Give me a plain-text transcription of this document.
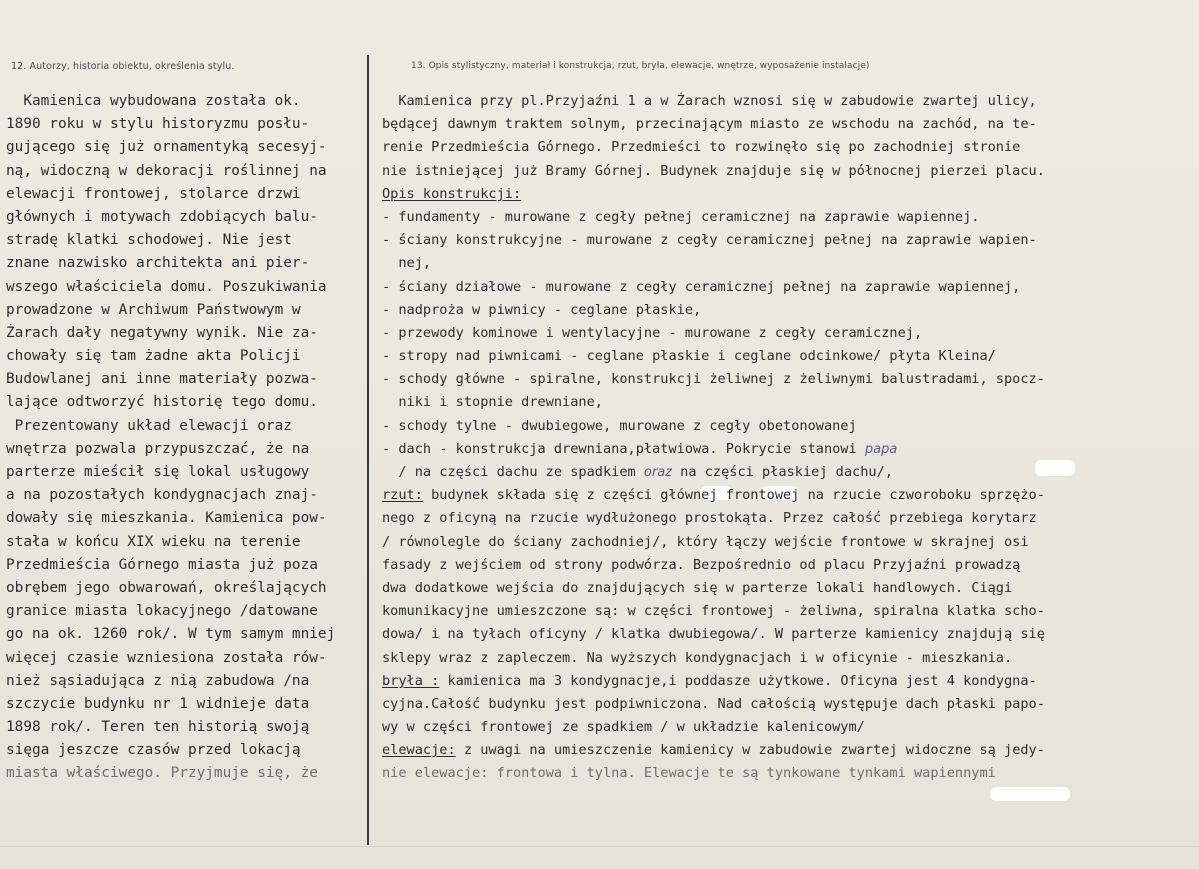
12. Autorzy, historia obiektu, określenia stylu.	13. Opis stylistyczny, materiał i konstrukcja, rzut, bryła, elewacje, wnętrze, wyposażenie instalacje)
Kamienica wybudowana została ok.
1890 roku w stylu historyzmu posłu-
gującego się już ornamentyką secesyj-
ną, widoczną w dekoracji roślinnej na
elewacji frontowej, stolarce drzwi
głównych i motywach zdobiących balu-
stradę klatki schodowej. Nie jest
znane nazwisko architekta ani pier-
wszego właściciela domu. Poszukiwania
prowadzone w Archiwum Państwowym w
Żarach dały negatywny wynik. Nie za-
chowały się tam żadne akta Policji
Budowlanej ani inne materiały pozwa-
lające odtworzyć historię tego domu.
Prezentowany układ elewacji oraz
wnętrza pozwala przypuszczać, że na
parterze mieścił się lokal usługowy
a na pozostałych kondygnacjach znaj-
dowały się mieszkania. Kamienica pow-
stała w końcu XIX wieku na terenie
Przedmieścia Górnego miasta już poza
obrębem jego obwarowań, określających
granice miasta lokacyjnego /datowane
go na ok. 1260 rok/. W tym samym mniej
więcej czasie wzniesiona została rów-
nież sąsiadująca z nią zabudowa /na
szczycie budynku nr 1 widnieje data
1898 rok/. Teren ten historią swoją
sięga jeszcze czasów przed lokacją
miasta właściwego. Przyjmuje się, że
Kamienica przy pl.Przyjaźni 1 a w Żarach wznosi się w zabudowie zwartej ulicy,
będącej dawnym traktem solnym, przecinającym miasto ze wschodu na zachód, na te-
renie Przedmieścia Górnego. Przedmieści to rozwinęło się po zachodniej stronie
nie istniejącej już Bramy Górnej. Budynek znajduje się w północnej pierzei placu.
Opis konstrukcji:
- fundamenty - murowane z cegły pełnej ceramicznej na zaprawie wapiennej.
- ściany konstrukcyjne - murowane z cegły ceramicznej pełnej na zaprawie wapien-
nej,
- ściany działowe - murowane z cegły ceramicznej pełnej na zaprawie wapiennej,
- nadproża w piwnicy - ceglane płaskie,
- przewody kominowe i wentylacyjne - murowane z cegły ceramicznej,
- stropy nad piwnicami - ceglane płaskie i ceglane odcinkowe/ płyta Kleina/
- schody główne - spiralne, konstrukcji żeliwnej z żeliwnymi balustradami, spocz-
niki i stopnie drewniane,
- schody tylne - dwubiegowe, murowane z cegły obetonowanej
- dach - konstrukcja drewniana,płatwiowa. Pokrycie stanowi papa
/ na części dachu ze spadkiem oraz na części płaskiej dachu/,
rzut: budynek składa się z części głównej frontowej na rzucie czworoboku sprzężo-
nego z oficyną na rzucie wydłużonego prostokąta. Przez całość przebiega korytarz
/ równolegle do ściany zachodniej/, który łączy wejście frontowe w skrajnej osi
fasady z wejściem od strony podwórza. Bezpośrednio od placu Przyjaźni prowadzą
dwa dodatkowe wejścia do znajdujących się w parterze lokali handlowych. Ciągi
komunikacyjne umieszczone są: w części frontowej - żeliwna, spiralna klatka scho-
dowa/ i na tyłach oficyny / klatka dwubiegowa/. W parterze kamienicy znajdują się
sklepy wraz z zapleczem. Na wyższych kondygnacjach i w oficynie - mieszkania.
bryła : kamienica ma 3 kondygnacje,i poddasze użytkowe. Oficyna jest 4 kondygna-
cyjna.Całość budynku jest podpiwniczona. Nad całością występuje dach płaski papo-
wy w części frontowej ze spadkiem / w układzie kalenicowym/
elewacje: z uwagi na umieszczenie kamienicy w zabudowie zwartej widoczne są jedy-
nie elewacje: frontowa i tylna. Elewacje te są tynkowane tynkami wapiennymi
